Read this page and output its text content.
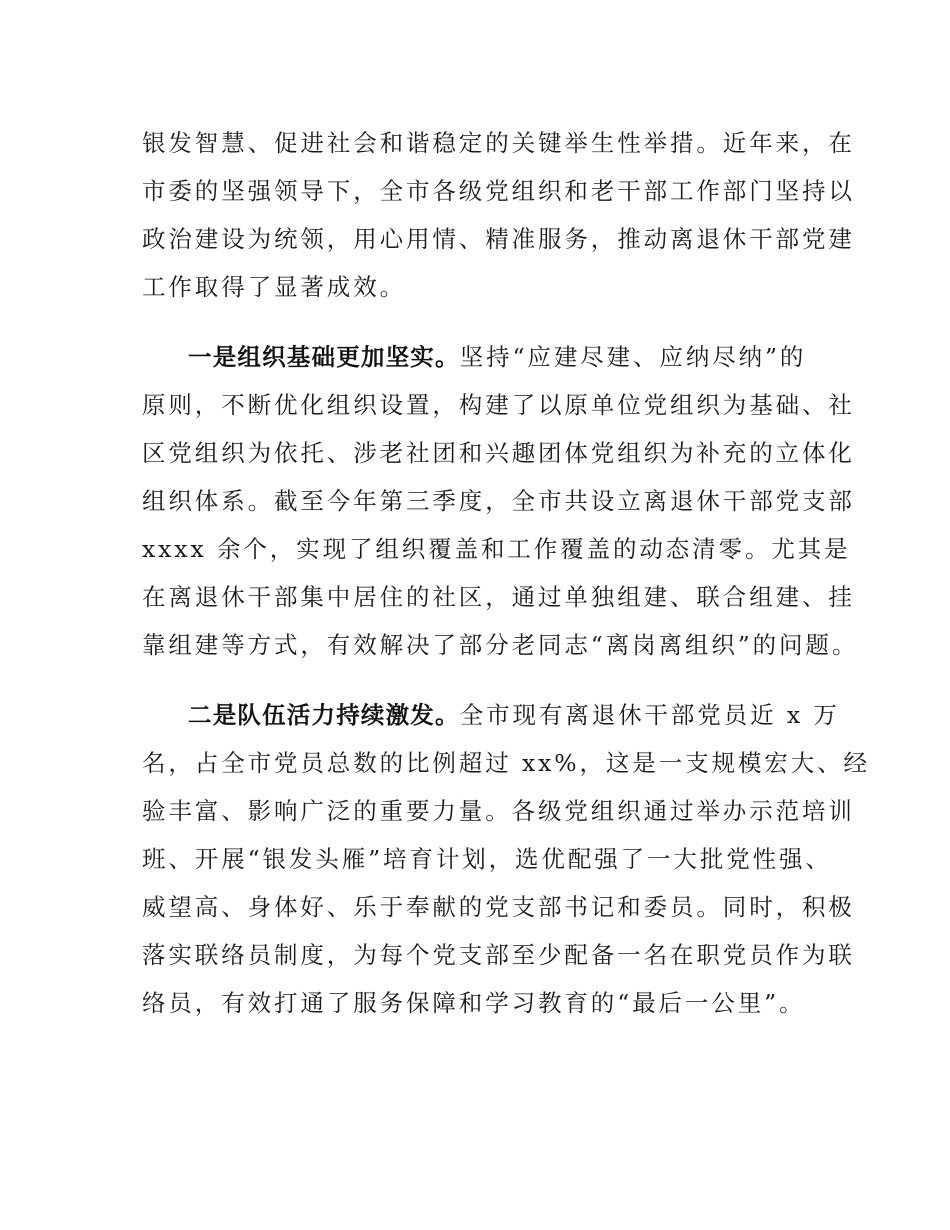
银发智慧、促进社会和谐稳定的关键举生性举措。近年来，在
市委的坚强领导下，全市各级党组织和老干部工作部门坚持以
政治建设为统领，用心用情、精准服务，推动离退休干部党建
工作取得了显著成效。
一是组织基础更加坚实。坚持“应建尽建、应纳尽纳”的
原则，不断优化组织设置，构建了以原单位党组织为基础、社
区党组织为依托、涉老社团和兴趣团体党组织为补充的立体化
组织体系。截至今年第三季度，全市共设立离退休干部党支部
xxxx 余个，实现了组织覆盖和工作覆盖的动态清零。尤其是
在离退休干部集中居住的社区，通过单独组建、联合组建、挂
靠组建等方式，有效解决了部分老同志“离岗离组织”的问题。
二是队伍活力持续激发。全市现有离退休干部党员近 x 万
名，占全市党员总数的比例超过 xx%，这是一支规模宏大、经
验丰富、影响广泛的重要力量。各级党组织通过举办示范培训
班、开展“银发头雁”培育计划，选优配强了一大批党性强、
威望高、身体好、乐于奉献的党支部书记和委员。同时，积极
落实联络员制度，为每个党支部至少配备一名在职党员作为联
络员，有效打通了服务保障和学习教育的“最后一公里”。
